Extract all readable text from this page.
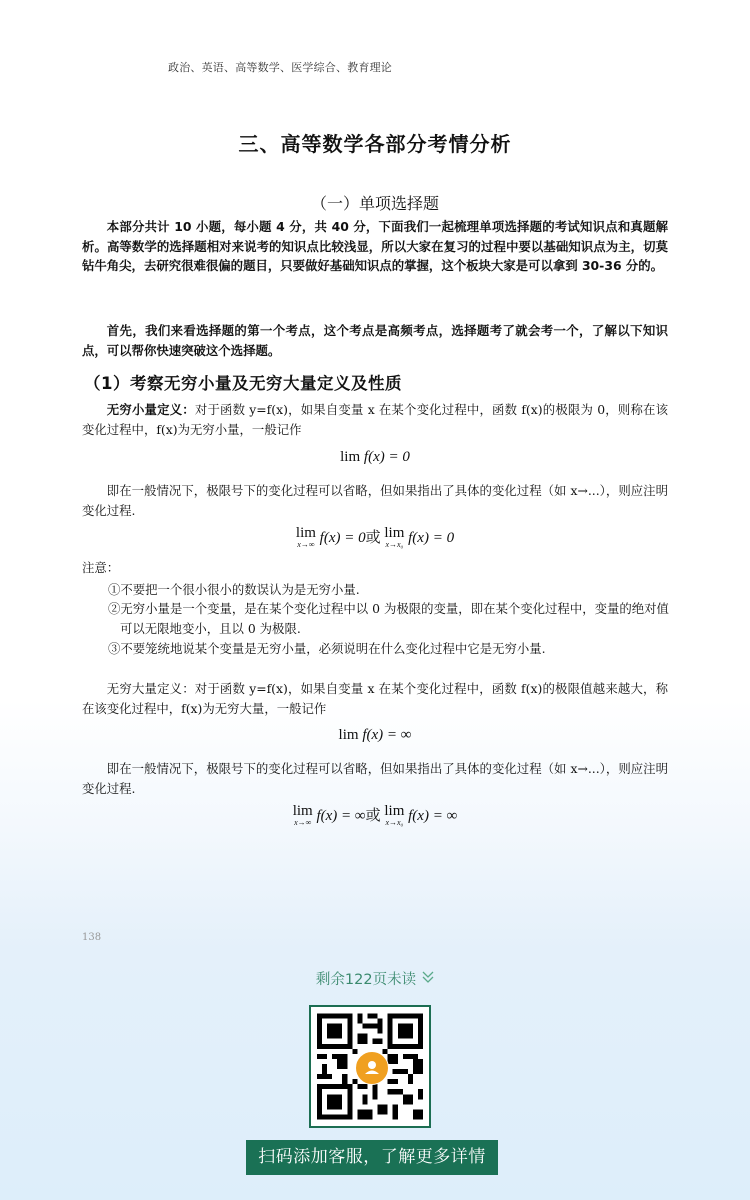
政治、英语、高等数学、医学综合、教育理论
三、高等数学各部分考情分析
（一）单项选择题
本部分共计 10 小题，每小题 4 分，共 40 分，下面我们一起梳理单项选择题的考试知识点和真题解析。高等数学的选择题相对来说考的知识点比较浅显，所以大家在复习的过程中要以基础知识点为主，切莫钻牛角尖，去研究很难很偏的题目，只要做好基础知识点的掌握，这个板块大家是可以拿到 30-36 分的。
首先，我们来看选择题的第一个考点，这个考点是高频考点，选择题考了就会考一个，了解以下知识点，可以帮你快速突破这个选择题。
（1）考察无穷小量及无穷大量定义及性质
无穷小量定义：对于函数 y=f(x)，如果自变量 x 在某个变化过程中，函数 f(x)的极限为 0，则称在该变化过程中，f(x)为无穷小量，一般记作
lim f(x) = 0
即在一般情况下，极限号下的变化过程可以省略，但如果指出了具体的变化过程（如 x→...），则应注明变化过程.
lim
x→∞ f(x) = 0或 lim
x→x₀ f(x) = 0
注意：
①不要把一个很小很小的数误认为是无穷小量.
②无穷小量是一个变量，是在某个变化过程中以 0 为极限的变量，即在某个变化过程中，变量的绝对值可以无限地变小，且以 0 为极限.
③不要笼统地说某个变量是无穷小量，必须说明在什么变化过程中它是无穷小量.
无穷大量定义：对于函数 y=f(x)，如果自变量 x 在某个变化过程中，函数 f(x)的极限值越来越大，称在该变化过程中，f(x)为无穷大量，一般记作
lim f(x) = ∞
即在一般情况下，极限号下的变化过程可以省略，但如果指出了具体的变化过程（如 x→...），则应注明变化过程.
lim
x→∞ f(x) = ∞或 lim
x→x₀ f(x) = ∞
138
剩余122页未读
扫码添加客服，了解更多详情
